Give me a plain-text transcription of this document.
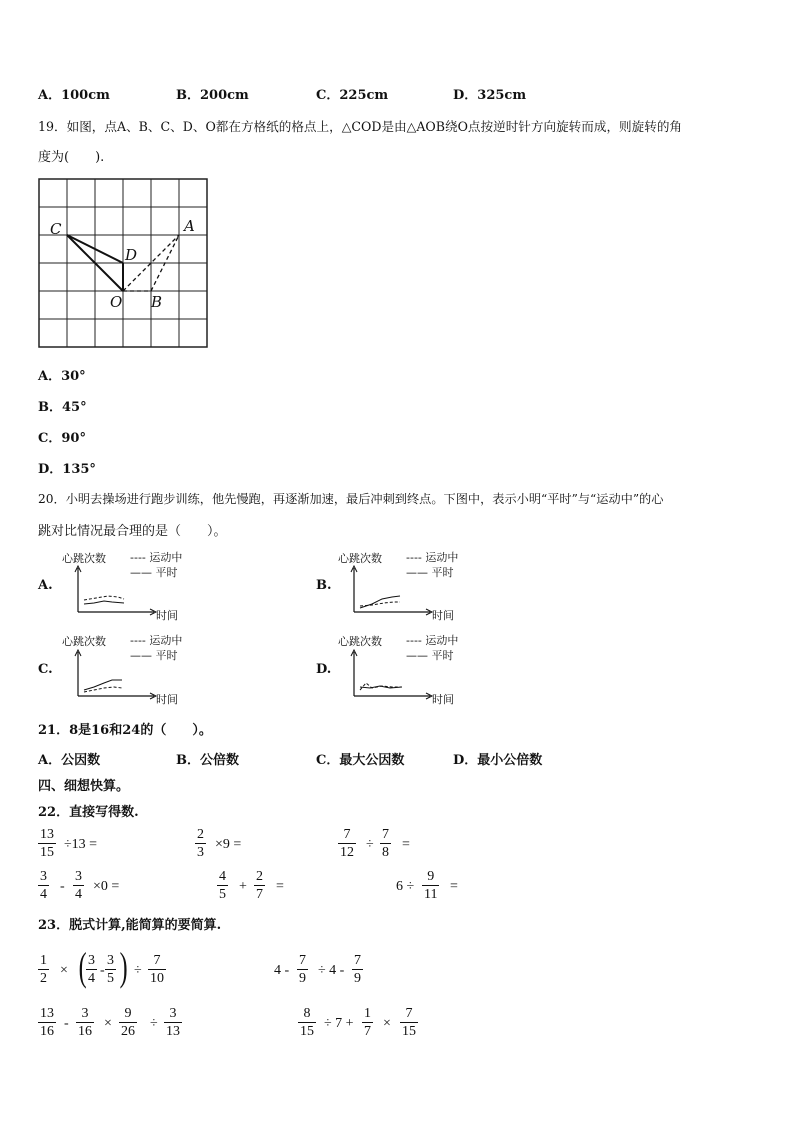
A．100cm	B．200cm	C．225cm	D．325cm
19．如图，点A、B、C、D、O都在方格纸的格点上，△COD是由△AOB绕O点按逆时针方向旋转而成，则旋转的角
度为(　　).
C	A
D
O B
A．30°
B．45°
C．90°
D．135°
20．小明去操场进行跑步训练，他先慢跑，再逐渐加速，最后冲刺到终点。下图中，表示小明“平时”与“运动中”的心
跳对比情况最合理的是（　　）。
A.
心跳次数 ---- 运动中
—— 平时
时间
B.
心跳次数 ---- 运动中
—— 平时
时间
C.
心跳次数 ---- 运动中
—— 平时
时间
D.
心跳次数 ---- 运动中
—— 平时
时间
21．8是16和24的（　　）。
A．公因数	B．公倍数	C．最大公因数	D．最小公倍数
四、细想快算。
22．直接写得数.
$\frac{13}{15} \div 13$ =	$\frac{2}{3} \times 9$ =	$\frac{7}{12} \div \frac{7}{8}$ =
$\frac{3}{4} - \frac{3}{4} \times 0$ =	$\frac{4}{5} + \frac{2}{7}$ =	$6 \div \frac{9}{11}$ =
23．脱式计算,能简算的要简算.
$\frac{1}{2}$ × ( $\frac{3}{4} - \frac{3}{5}$ ) ÷ $\frac{7}{10}$	$4 - \frac{7}{9} \div 4 - \frac{7}{9}$
$\frac{13}{16} - \frac{3}{16} \times \frac{9}{26} \div \frac{3}{13}$	$\frac{8}{15} \div 7 + \frac{1}{7} \times \frac{7}{15}$
